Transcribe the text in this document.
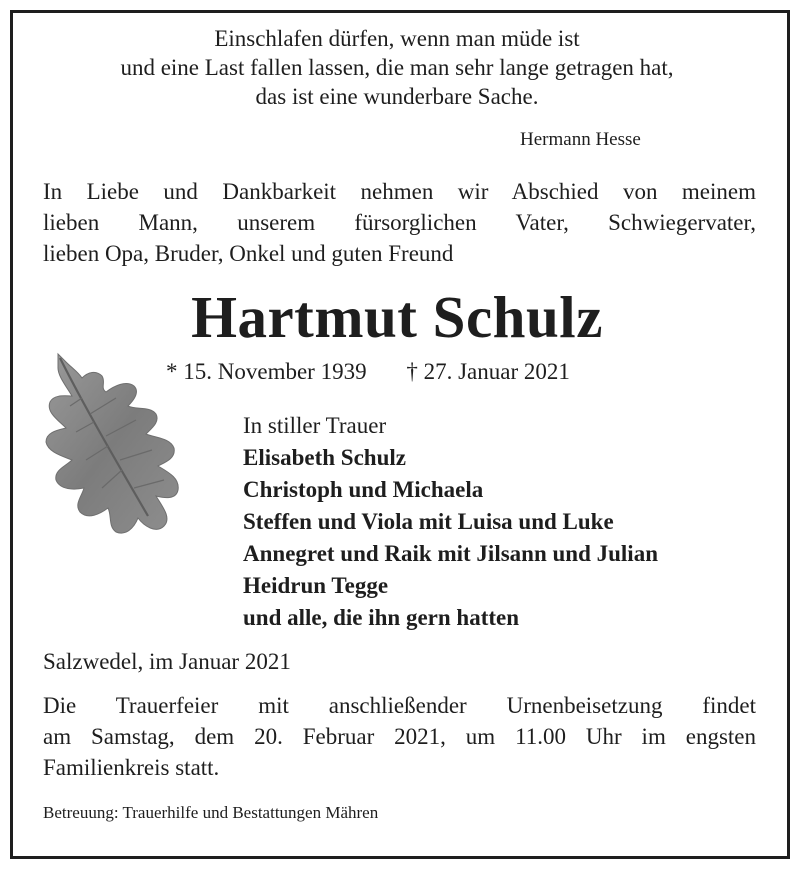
Einschlafen dürfen, wenn man müde ist
und eine Last fallen lassen, die man sehr lange getragen hat,
das ist eine wunderbare Sache.
Hermann Hesse
In Liebe und Dankbarkeit nehmen wir Abschied von meinem
lieben Mann, unserem fürsorglichen Vater, Schwiegervater,
lieben Opa, Bruder, Onkel und guten Freund
Hartmut Schulz
* 15. November 1939 † 27. Januar 2021
In stiller Trauer
Elisabeth Schulz
Christoph und Michaela
Steffen und Viola mit Luisa und Luke
Annegret und Raik mit Jilsann und Julian
Heidrun Tegge
und alle, die ihn gern hatten
Salzwedel, im Januar 2021
Die Trauerfeier mit anschließender Urnenbeisetzung findet
am Samstag, dem 20. Februar 2021, um 11.00 Uhr im engsten
Familienkreis statt.
Betreuung: Trauerhilfe und Bestattungen Mähren
